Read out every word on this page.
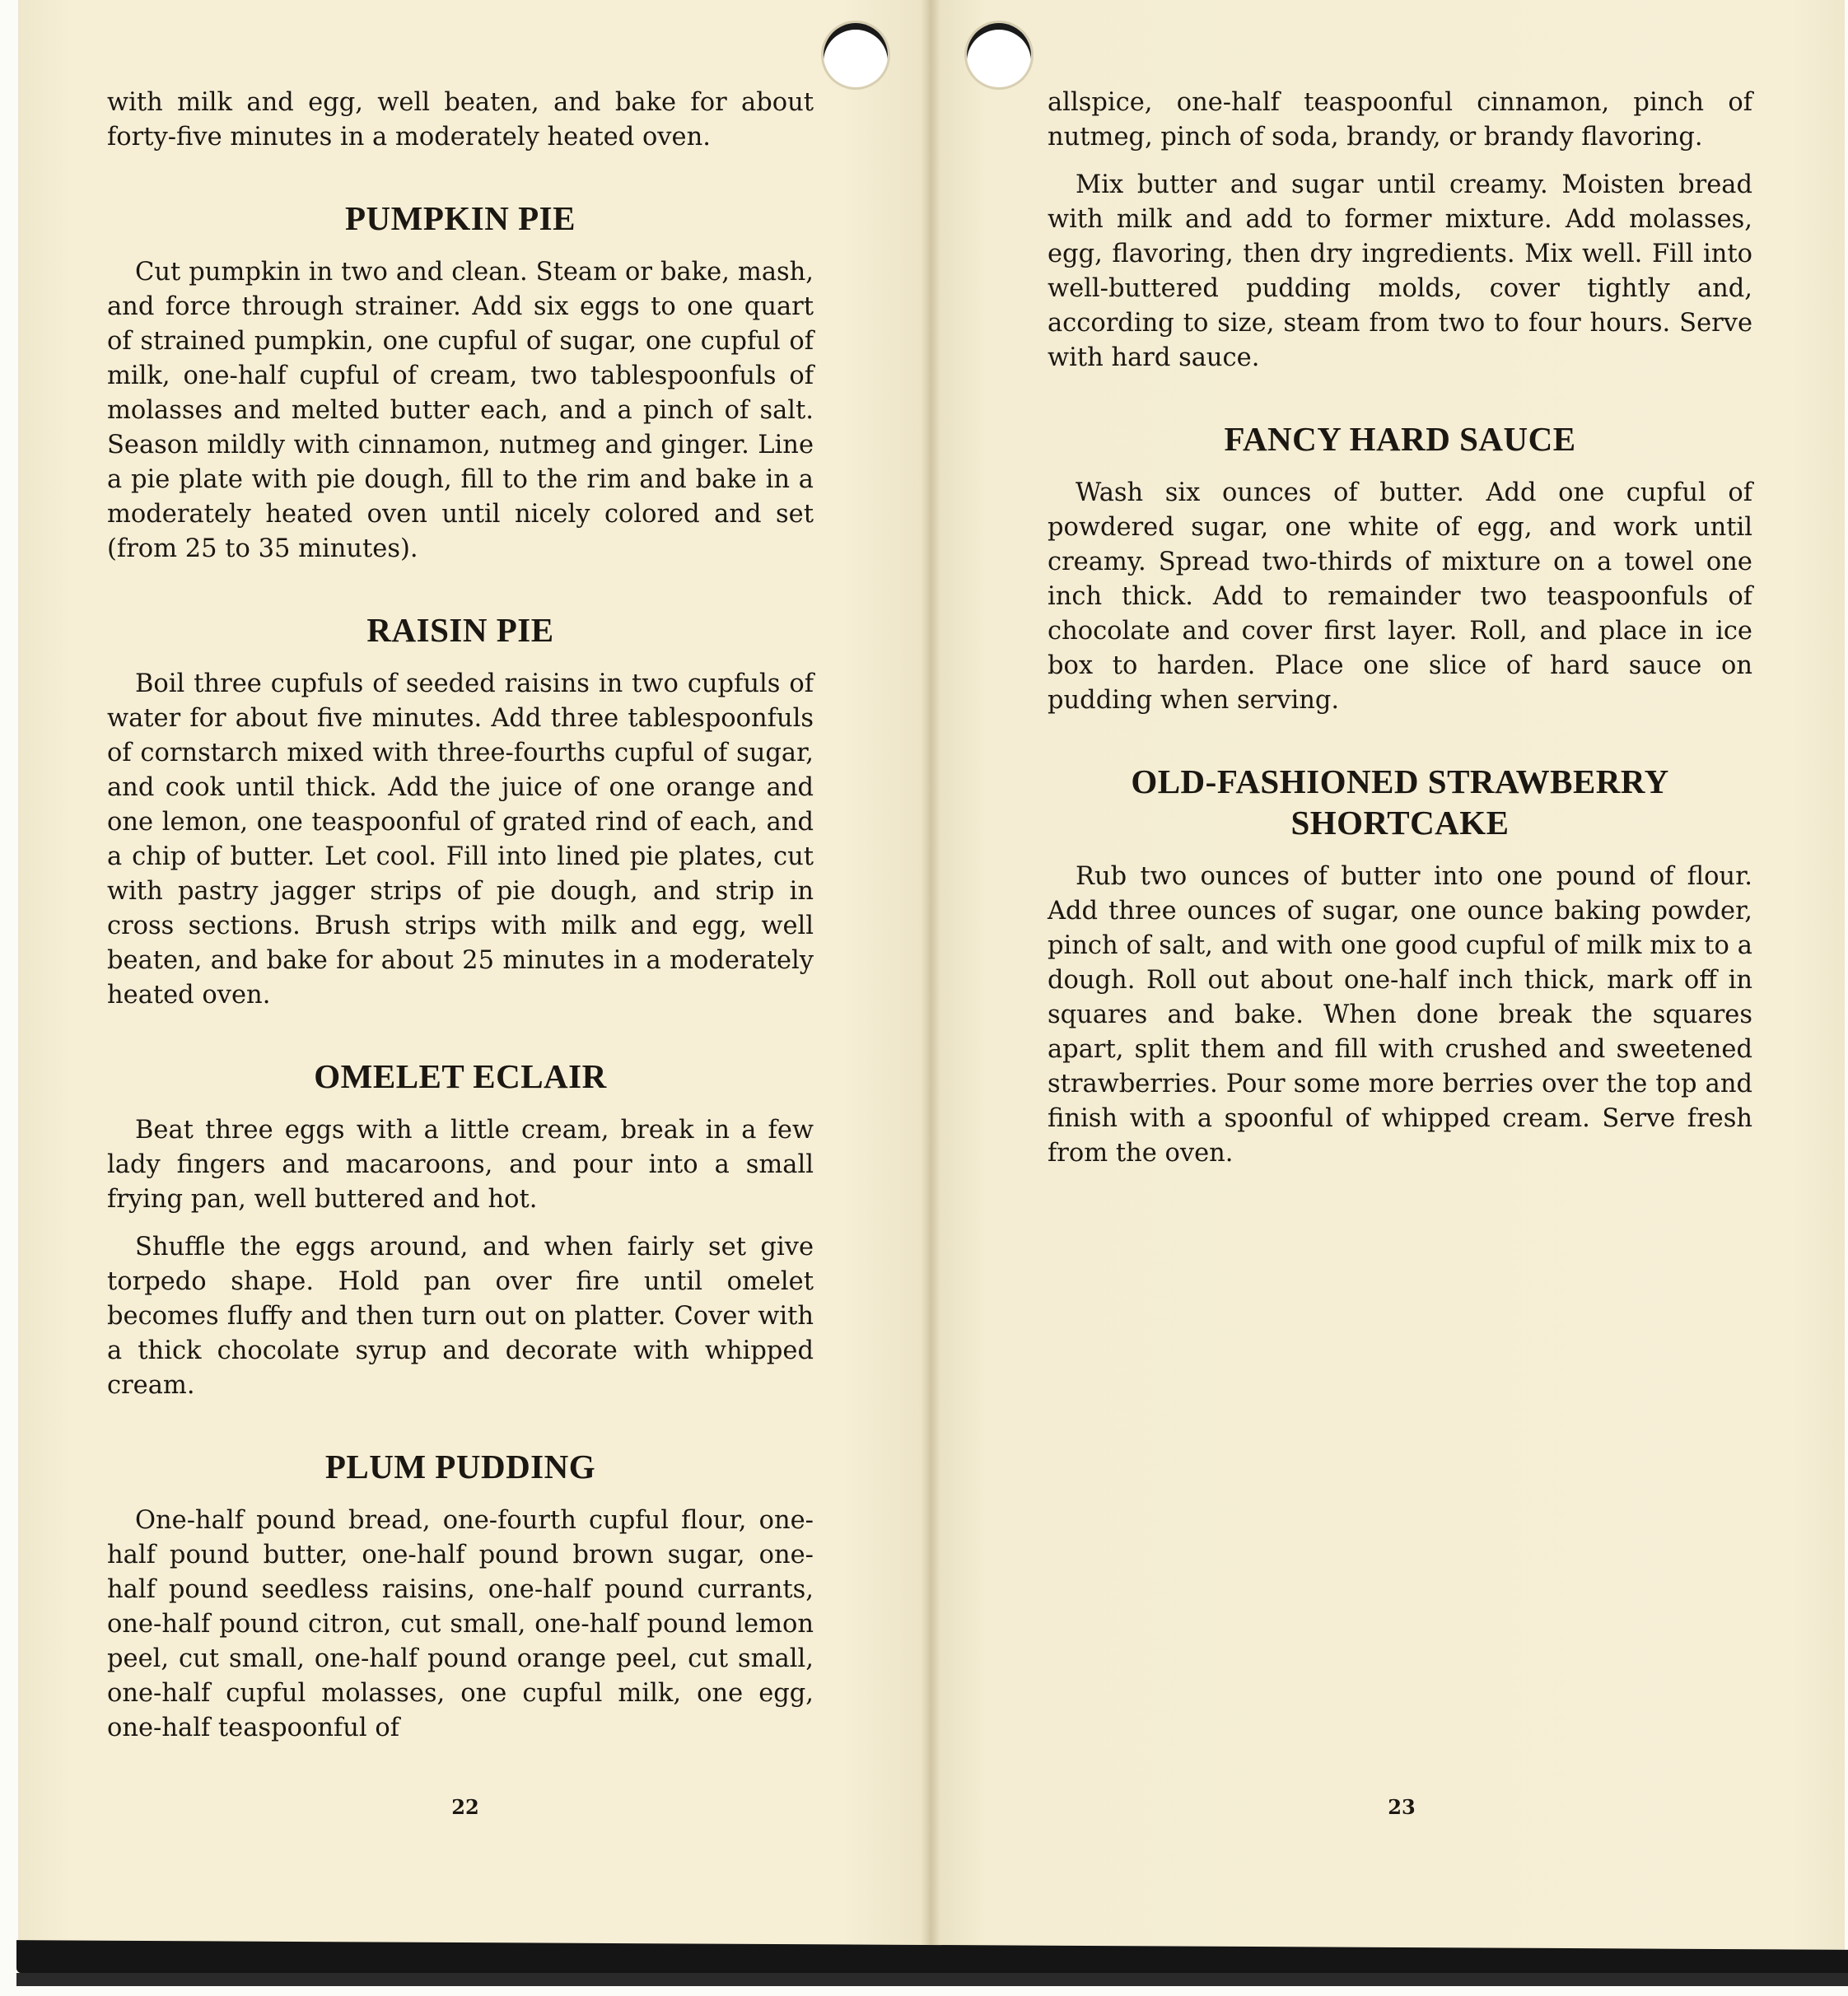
with milk and egg, well beaten, and bake for about forty-five minutes in a moderately heated oven.

PUMPKIN PIE

Cut pumpkin in two and clean. Steam or bake, mash, and force through strainer. Add six eggs to one quart of strained pumpkin, one cupful of sugar, one cupful of milk, one-half cupful of cream, two tablespoonfuls of molasses and melted butter each, and a pinch of salt. Season mildly with cinnamon, nutmeg and ginger. Line a pie plate with pie dough, fill to the rim and bake in a moderately heated oven until nicely colored and set (from 25 to 35 minutes).

RAISIN PIE

Boil three cupfuls of seeded raisins in two cupfuls of water for about five minutes. Add three tablespoonfuls of cornstarch mixed with three-fourths cupful of sugar, and cook until thick. Add the juice of one orange and one lemon, one teaspoonful of grated rind of each, and a chip of butter. Let cool. Fill into lined pie plates, cut with pastry jagger strips of pie dough, and strip in cross sections. Brush strips with milk and egg, well beaten, and bake for about 25 minutes in a moderately heated oven.

OMELET ECLAIR

Beat three eggs with a little cream, break in a few lady fingers and macaroons, and pour into a small frying pan, well buttered and hot.

Shuffle the eggs around, and when fairly set give torpedo shape. Hold pan over fire until omelet becomes fluffy and then turn out on platter. Cover with a thick chocolate syrup and decorate with whipped cream.

PLUM PUDDING

One-half pound bread, one-fourth cupful flour, one-half pound butter, one-half pound brown sugar, one-half pound seedless raisins, one-half pound currants, one-half pound citron, cut small, one-half pound lemon peel, cut small, one-half pound orange peel, cut small, one-half cupful molasses, one cupful milk, one egg, one-half teaspoonful of

22

allspice, one-half teaspoonful cinnamon, pinch of nutmeg, pinch of soda, brandy, or brandy flavoring.

Mix butter and sugar until creamy. Moisten bread with milk and add to former mixture. Add molasses, egg, flavoring, then dry ingredients. Mix well. Fill into well-buttered pudding molds, cover tightly and, according to size, steam from two to four hours. Serve with hard sauce.

FANCY HARD SAUCE

Wash six ounces of butter. Add one cupful of powdered sugar, one white of egg, and work until creamy. Spread two-thirds of mixture on a towel one inch thick. Add to remainder two teaspoonfuls of chocolate and cover first layer. Roll, and place in ice box to harden. Place one slice of hard sauce on pudding when serving.

OLD-FASHIONED STRAWBERRY SHORTCAKE

Rub two ounces of butter into one pound of flour. Add three ounces of sugar, one ounce baking powder, pinch of salt, and with one good cupful of milk mix to a dough. Roll out about one-half inch thick, mark off in squares and bake. When done break the squares apart, split them and fill with crushed and sweetened strawberries. Pour some more berries over the top and finish with a spoonful of whipped cream. Serve fresh from the oven.

23
